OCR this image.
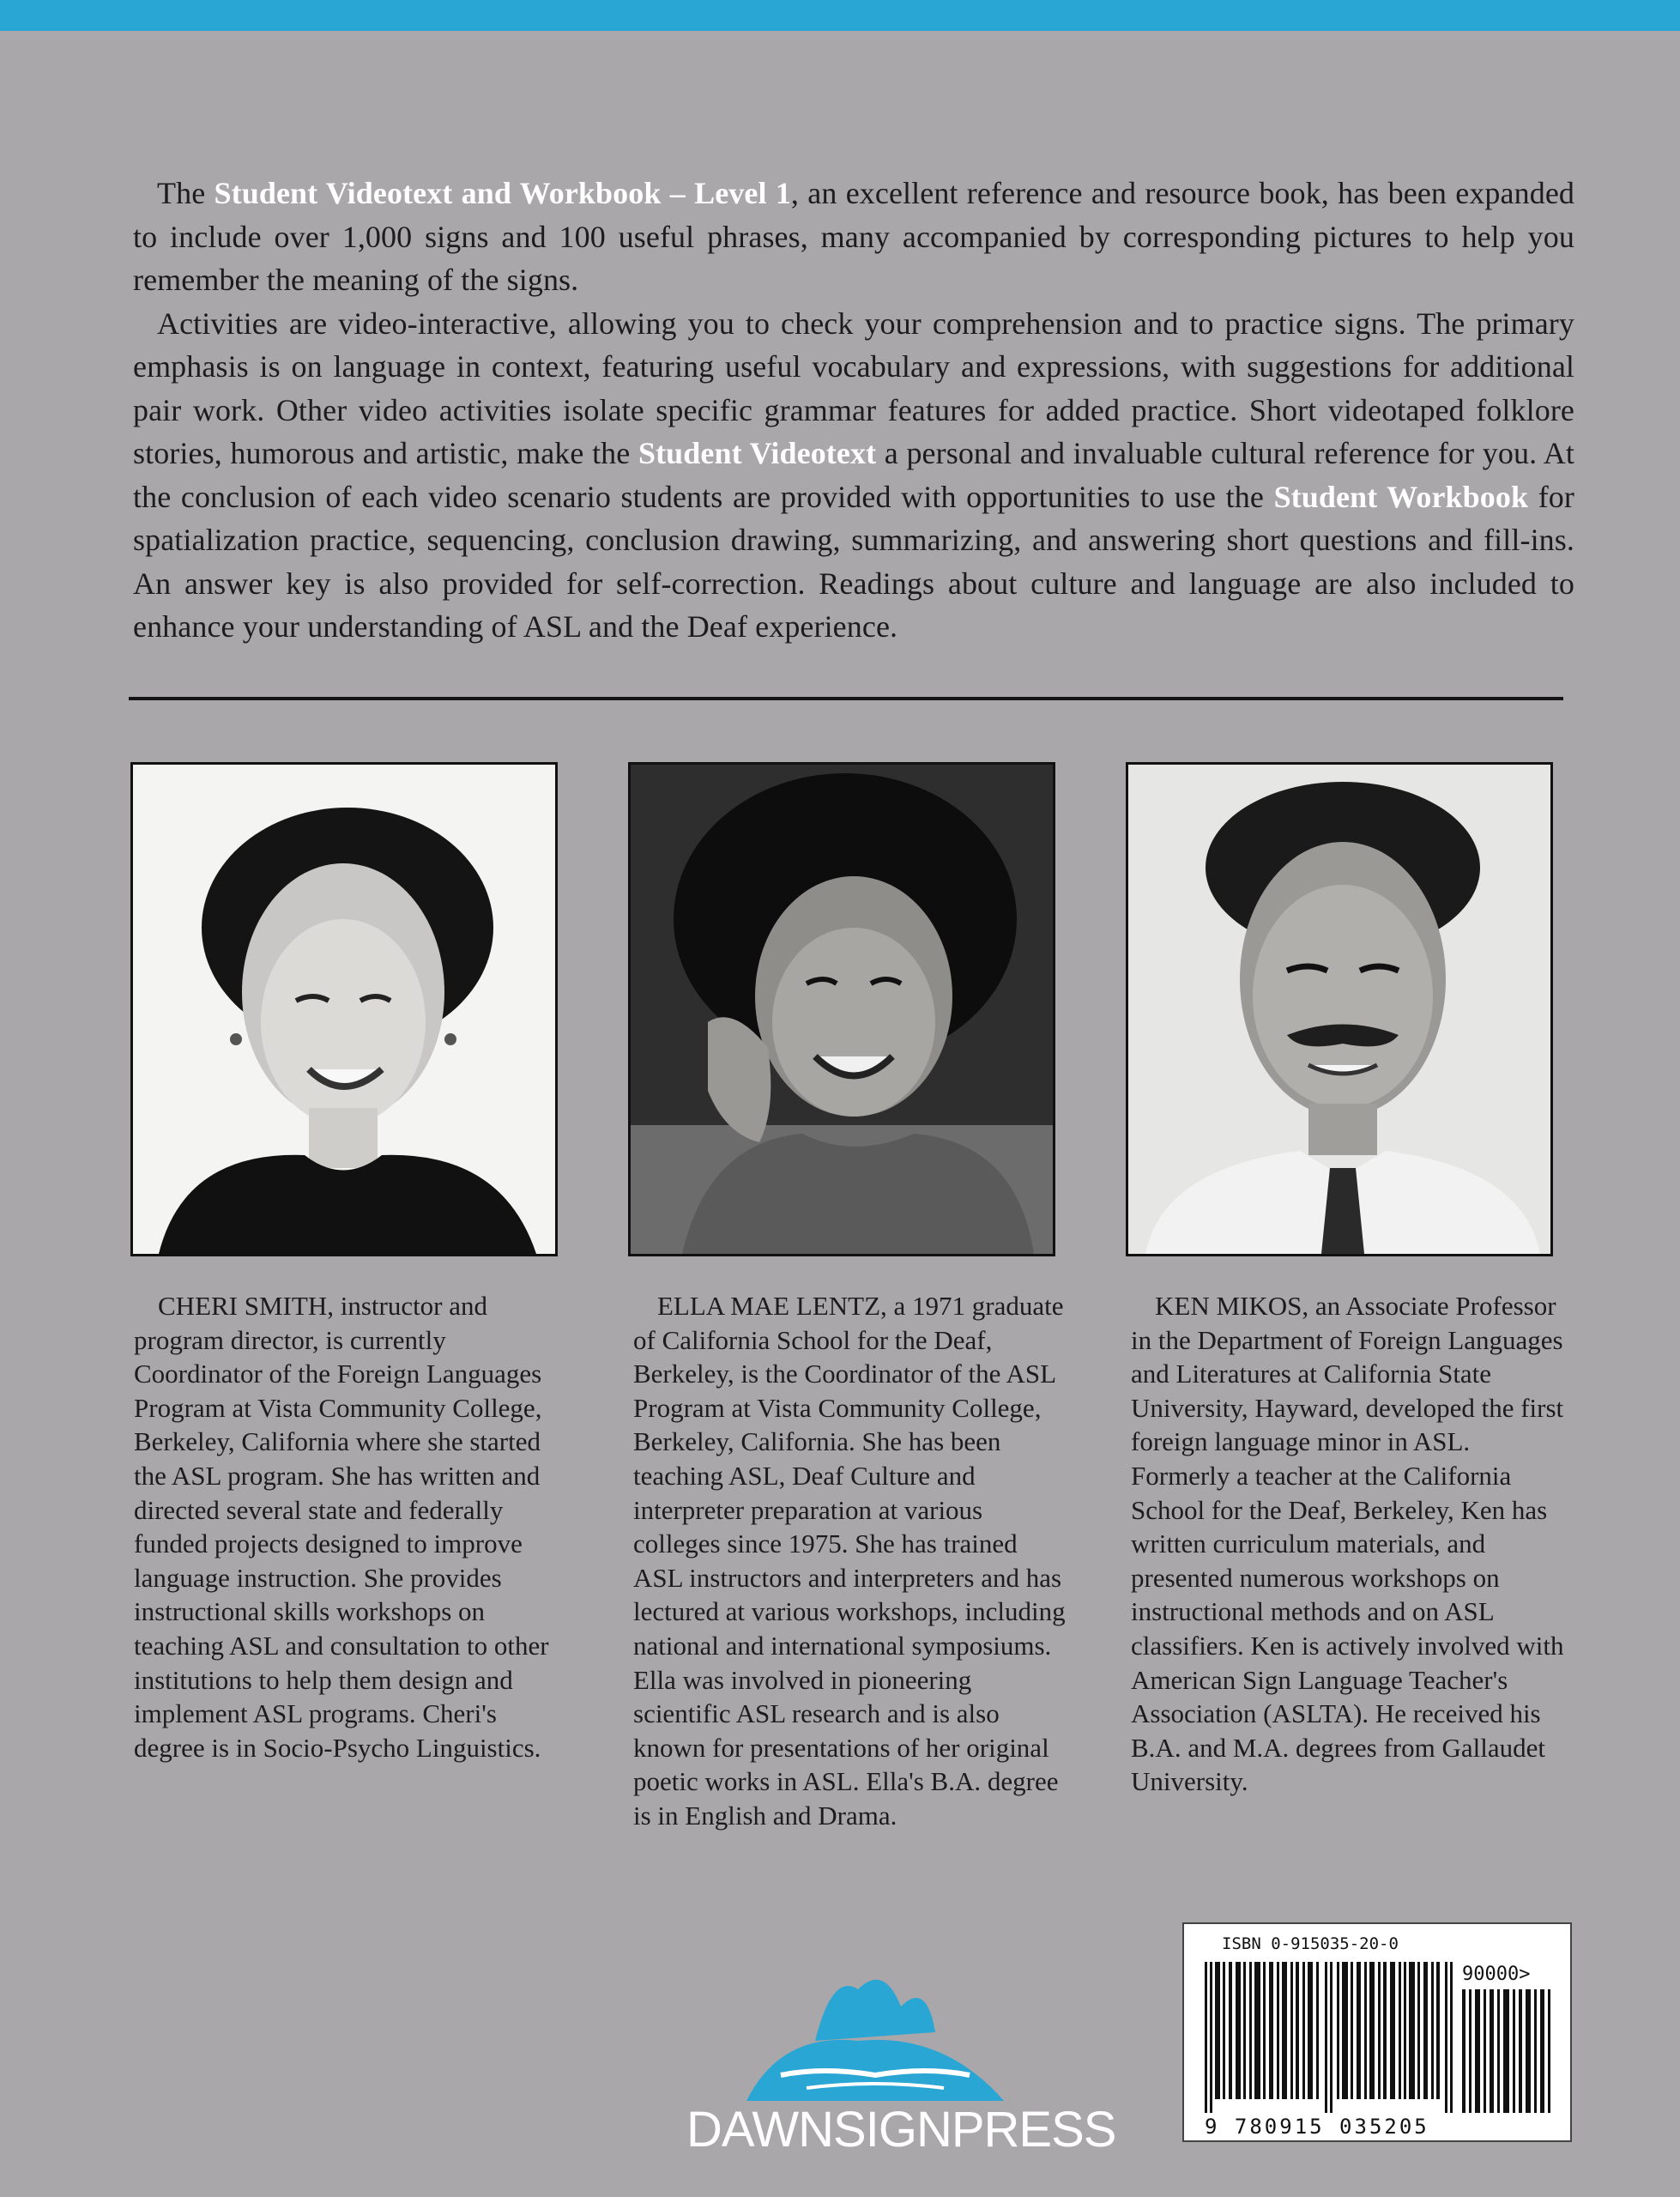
The Student Videotext and Workbook – Level 1, an excellent reference and resource book, has been expanded to include over 1,000 signs and 100 useful phrases, many accompanied by corresponding pictures to help you remember the meaning of the signs.

Activities are video-interactive, allowing you to check your comprehension and to practice signs. The primary emphasis is on language in context, featuring useful vocabulary and expressions, with suggestions for additional pair work. Other video activities isolate specific grammar features for added practice. Short videotaped folklore stories, humorous and artistic, make the Student Videotext a personal and invaluable cultural reference for you. At the conclusion of each video scenario students are provided with opportunities to use the Student Workbook for spatialization practice, sequencing, conclusion drawing, summarizing, and answering short questions and fill-ins. An answer key is also provided for self-correction. Readings about culture and language are also included to enhance your understanding of ASL and the Deaf experience.

CHERI SMITH, instructor and program director, is currently Coordinator of the Foreign Languages Program at Vista Community College, Berkeley, California where she started the ASL program. She has written and directed several state and federally funded projects designed to improve language instruction. She provides instructional skills workshops on teaching ASL and consultation to other institutions to help them design and implement ASL programs. Cheri's degree is in Socio-Psycho Linguistics.

ELLA MAE LENTZ, a 1971 graduate of California School for the Deaf, Berkeley, is the Coordinator of the ASL Program at Vista Community College, Berkeley, California. She has been teaching ASL, Deaf Culture and interpreter preparation at various colleges since 1975. She has trained ASL instructors and interpreters and has lectured at various workshops, including national and international symposiums. Ella was involved in pioneering scientific ASL research and is also known for presentations of her original poetic works in ASL. Ella's B.A. degree is in English and Drama.

KEN MIKOS, an Associate Professor in the Department of Foreign Languages and Literatures at California State University, Hayward, developed the first foreign language minor in ASL. Formerly a teacher at the California School for the Deaf, Berkeley, Ken has written curriculum materials, and presented numerous workshops on instructional methods and on ASL classifiers. Ken is actively involved with American Sign Language Teacher's Association (ASLTA). He received his B.A. and M.A. degrees from Gallaudet University.

ISBN 0-915035-20-0
90000>
9 780915 035205
DAWNSIGNPRESS
